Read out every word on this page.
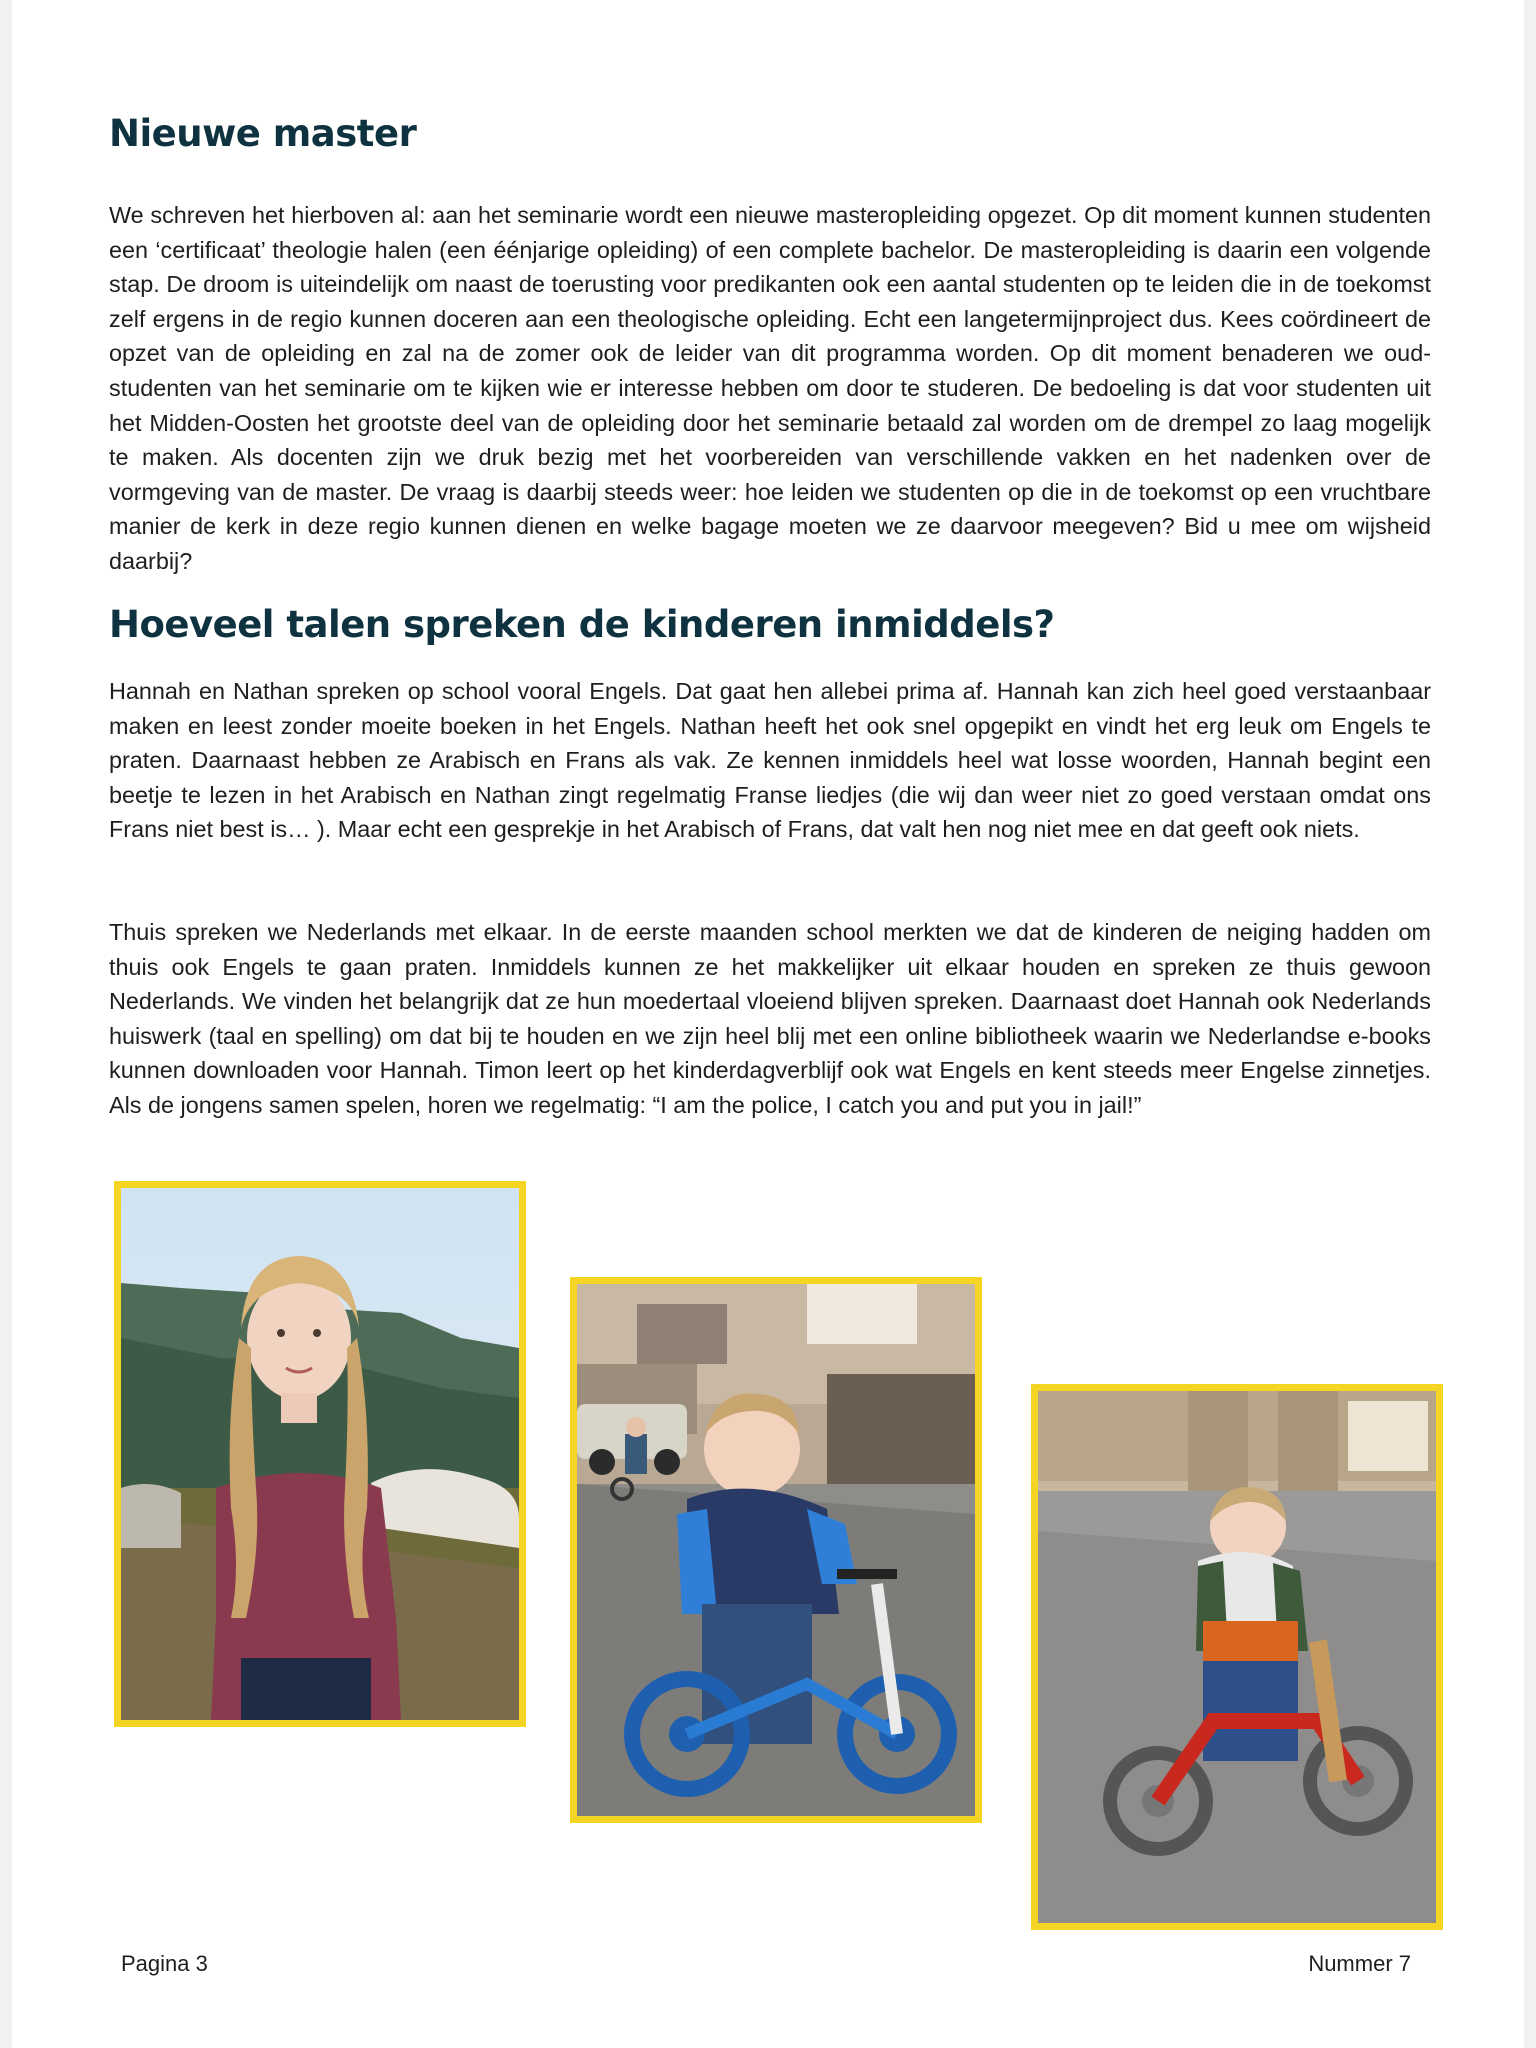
Nieuwe master

We schreven het hierboven al: aan het seminarie wordt een nieuwe masteropleiding opgezet. Op dit moment kunnen studenten een ‘certificaat’ theologie halen (een éénjarige opleiding) of een complete bachelor. De masteropleiding is daarin een volgende stap. De droom is uiteindelijk om naast de toerusting voor predikanten ook een aantal studenten op te leiden die in de toekomst zelf ergens in de regio kunnen doceren aan een theologische opleiding. Echt een langetermijnproject dus. Kees coördineert de opzet van de opleiding en zal na de zomer ook de leider van dit programma worden. Op dit moment benaderen we oud-studenten van het seminarie om te kijken wie er interesse hebben om door te studeren. De bedoeling is dat voor studenten uit het Midden-Oosten het grootste deel van de opleiding door het seminarie betaald zal worden om de drempel zo laag mogelijk te maken. Als docenten zijn we druk bezig met het voorbereiden van verschillende vakken en het nadenken over de vormgeving van de master. De vraag is daarbij steeds weer: hoe leiden we studenten op die in de toekomst op een vruchtbare manier de kerk in deze regio kunnen dienen en welke bagage moeten we ze daarvoor meegeven? Bid u mee om wijsheid daarbij?

Hoeveel talen spreken de kinderen inmiddels?

Hannah en Nathan spreken op school vooral Engels. Dat gaat hen allebei prima af. Hannah kan zich heel goed verstaanbaar maken en leest zonder moeite boeken in het Engels. Nathan heeft het ook snel opgepikt en vindt het erg leuk om Engels te praten. Daarnaast hebben ze Arabisch en Frans als vak. Ze kennen inmiddels heel wat losse woorden, Hannah begint een beetje te lezen in het Arabisch en Nathan zingt regelmatig Franse liedjes (die wij dan weer niet zo goed verstaan omdat ons Frans niet best is… ). Maar echt een gesprekje in het Arabisch of Frans, dat valt hen nog niet mee en dat geeft ook niets.

Thuis spreken we Nederlands met elkaar. In de eerste maanden school merkten we dat de kinderen de neiging hadden om thuis ook Engels te gaan praten. Inmiddels kunnen ze het makkelijker uit elkaar houden en spreken ze thuis gewoon Nederlands. We vinden het belangrijk dat ze hun moedertaal vloeiend blijven spreken. Daarnaast doet Hannah ook Nederlands huiswerk (taal en spelling) om dat bij te houden en we zijn heel blij met een online bibliotheek waarin we Nederlandse e-books kunnen downloaden voor Hannah. Timon leert op het kinderdagverblijf ook wat Engels en kent steeds meer Engelse zinnetjes. Als de jongens samen spelen, horen we regelmatig: “I am the police, I catch you and put you in jail!”

Pagina 3	Nummer 7
